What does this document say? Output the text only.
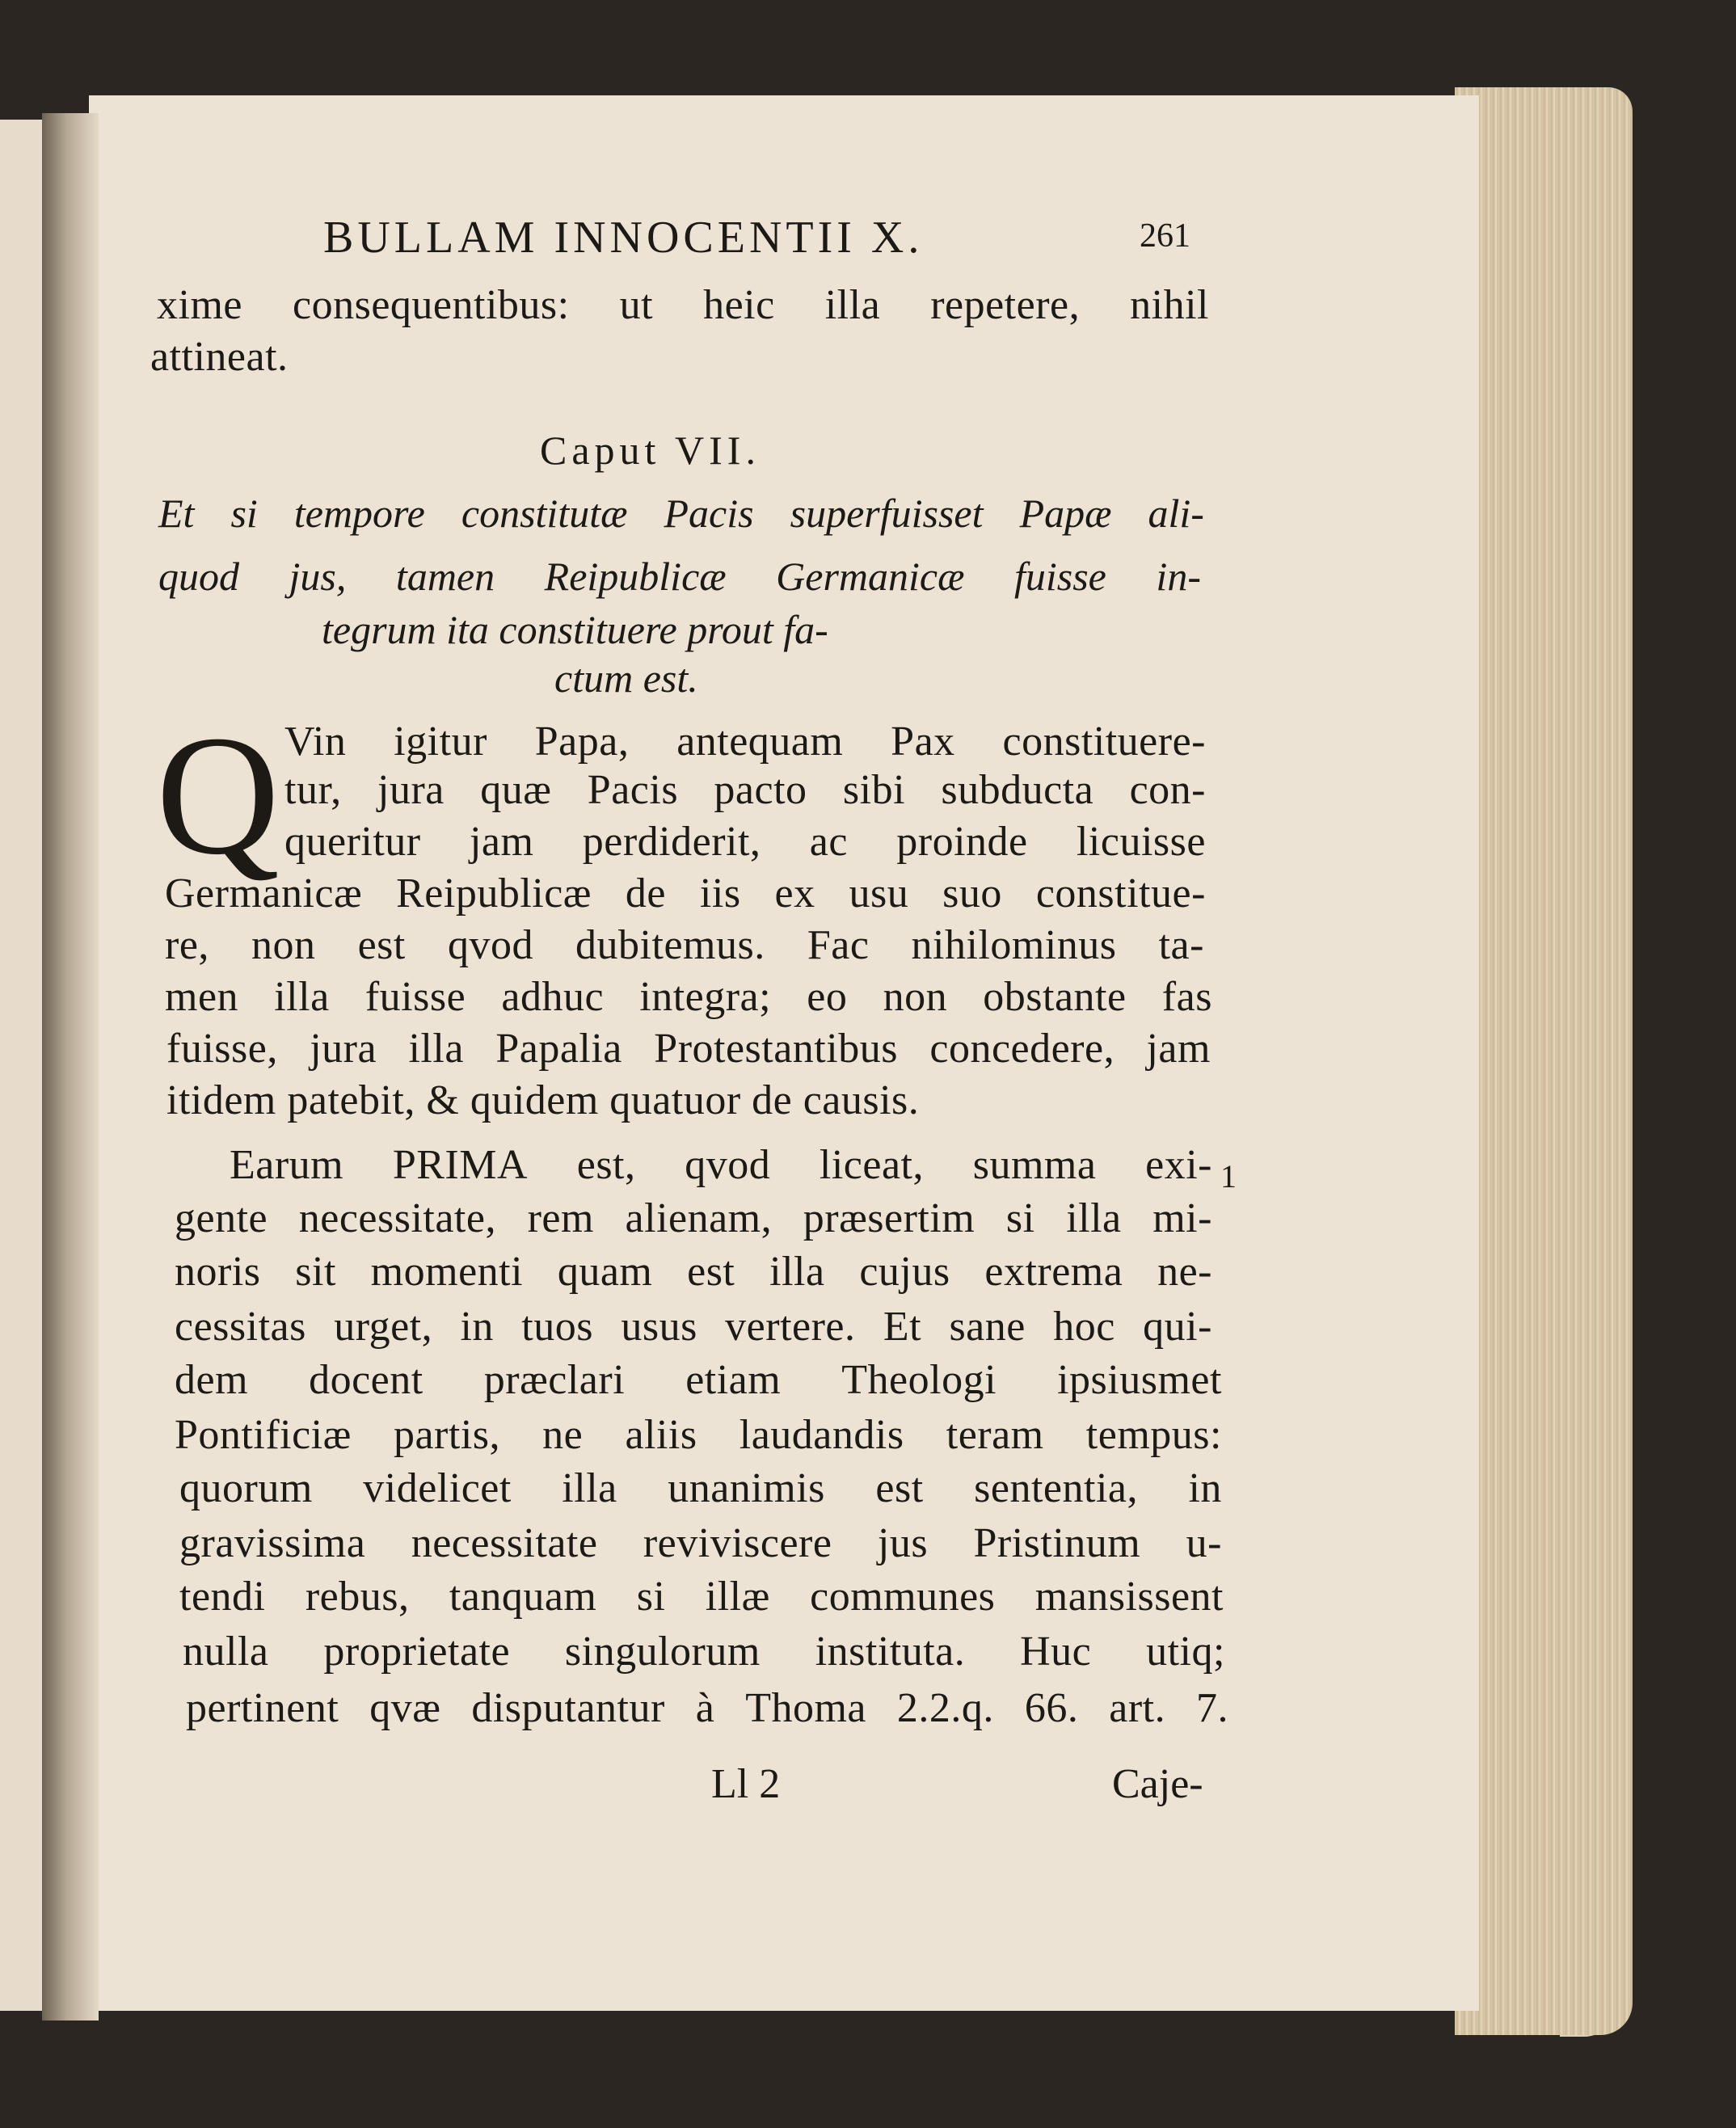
BULLAM INNOCENTII X.	261
xime consequentibus: ut heic illa repetere, nihil
attineat.
Caput VII.
Et si tempore constitutæ Pacis superfuisset Papæ ali-
quod jus, tamen Reipublicæ Germanicæ fuisse in-
tegrum ita constituere prout fa-
ctum est.
Q Vin igitur Papa, antequam Pax constituere-
tur, jura quæ Pacis pacto sibi subducta con-
queritur jam perdiderit, ac proinde licuisse
Germanicæ Reipublicæ de iis ex usu suo constitue-
re, non est qvod dubitemus. Fac nihilominus ta-
men illa fuisse adhuc integra; eo non obstante fas
fuisse, jura illa Papalia Protestantibus concedere, jam
itidem patebit, & quidem quatuor de causis.
Earum PRIMA est, qvod liceat, summa exi- 1
gente necessitate, rem alienam, præsertim si illa mi-
noris sit momenti quam est illa cujus extrema ne-
cessitas urget, in tuos usus vertere. Et sane hoc qui-
dem docent præclari etiam Theologi ipsiusmet
Pontificiæ partis, ne aliis laudandis teram tempus:
quorum videlicet illa unanimis est sententia, in
gravissima necessitate reviviscere jus Pristinum u-
tendi rebus, tanquam si illæ communes mansissent
nulla proprietate singulorum instituta. Huc utiq;
pertinent qvæ disputantur à Thoma 2.2.q. 66. art. 7.
Ll 2	Caje-
